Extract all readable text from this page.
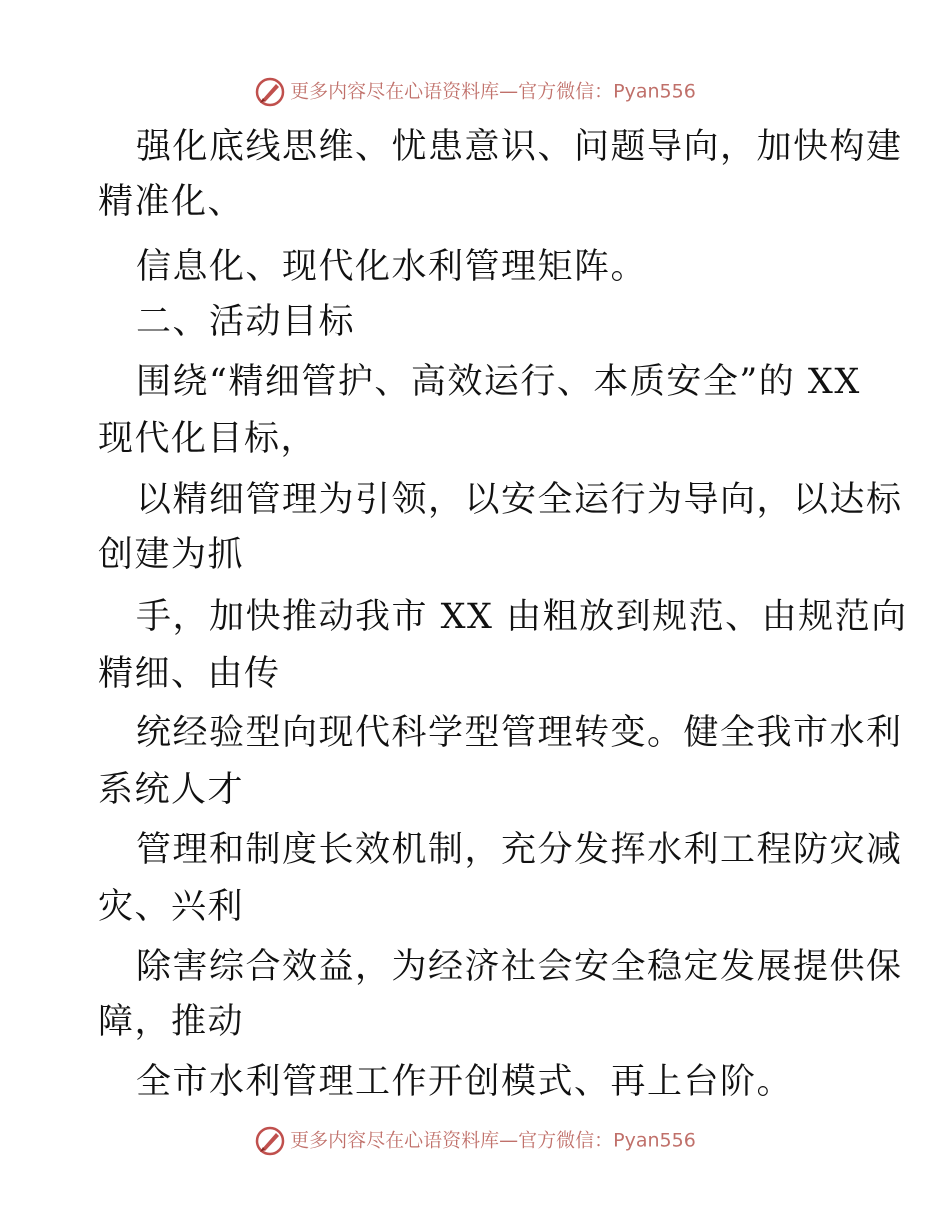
更多内容尽在心语资料库—官方微信：Pyan556
强化底线思维、忧患意识、问题导向，加快构建
精准化、
信息化、现代化水利管理矩阵。
二、活动目标
围绕“精细管护、高效运行、本质安全”的 XX
现代化目标，
以精细管理为引领，以安全运行为导向，以达标
创建为抓
手，加快推动我市 XX 由粗放到规范、由规范向
精细、由传
统经验型向现代科学型管理转变。健全我市水利
系统人才
管理和制度长效机制，充分发挥水利工程防灾减
灾、兴利
除害综合效益，为经济社会安全稳定发展提供保
障，推动
全市水利管理工作开创模式、再上台阶。
更多内容尽在心语资料库—官方微信：Pyan556
